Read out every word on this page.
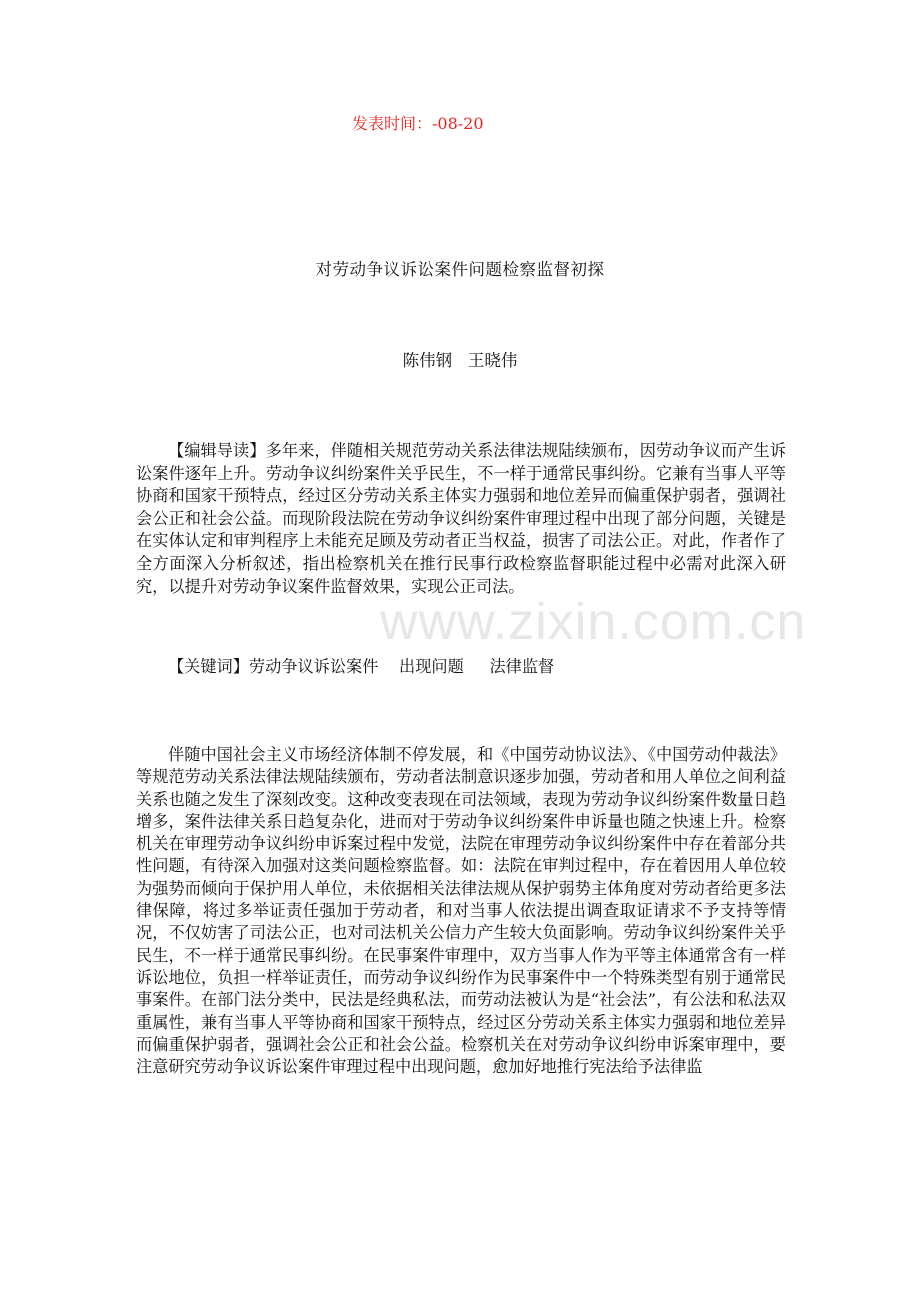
发表时间：-08-20
对劳动争议诉讼案件问题检察监督初探
陈伟钢   王晓伟

【编辑导读】多年来，伴随相关规范劳动关系法律法规陆续颁布，因劳动争议而产生诉讼案件逐年上升。劳动争议纠纷案件关乎民生，不一样于通常民事纠纷。它兼有当事人平等协商和国家干预特点，经过区分劳动关系主体实力强弱和地位差异而偏重保护弱者，强调社会公正和社会公益。而现阶段法院在劳动争议纠纷案件审理过程中出现了部分问题，关键是在实体认定和审判程序上未能充足顾及劳动者正当权益，损害了司法公正。对此，作者作了全方面深入分析叙述，指出检察机关在推行民事行政检察监督职能过程中必需对此深入研究，以提升对劳动争议案件监督效果，实现公正司法。

【关键词】劳动争议诉讼案件    出现问题     法律监督

伴随中国社会主义市场经济体制不停发展，和《中国劳动协议法》、《中国劳动仲裁法》等规范劳动关系法律法规陆续颁布，劳动者法制意识逐步加强，劳动者和用人单位之间利益关系也随之发生了深刻改变。这种改变表现在司法领域，表现为劳动争议纠纷案件数量日趋增多，案件法律关系日趋复杂化，进而对于劳动争议纠纷案件申诉量也随之快速上升。检察机关在审理劳动争议纠纷申诉案过程中发觉，法院在审理劳动争议纠纷案件中存在着部分共性问题，有待深入加强对这类问题检察监督。如：法院在审判过程中，存在着因用人单位较为强势而倾向于保护用人单位，未依据相关法律法规从保护弱势主体角度对劳动者给更多法律保障，将过多举证责任强加于劳动者，和对当事人依法提出调查取证请求不予支持等情况，不仅妨害了司法公正，也对司法机关公信力产生较大负面影响。劳动争议纠纷案件关乎民生，不一样于通常民事纠纷。在民事案件审理中，双方当事人作为平等主体通常含有一样诉讼地位，负担一样举证责任，而劳动争议纠纷作为民事案件中一个特殊类型有别于通常民事案件。在部门法分类中，民法是经典私法，而劳动法被认为是“社会法”，有公法和私法双重属性，兼有当事人平等协商和国家干预特点，经过区分劳动关系主体实力强弱和地位差异而偏重保护弱者，强调社会公正和社会公益。检察机关在对劳动争议纠纷申诉案审理中，要注意研究劳动争议诉讼案件审理过程中出现问题，愈加好地推行宪法给予法律监

www.zixin.com.cn
